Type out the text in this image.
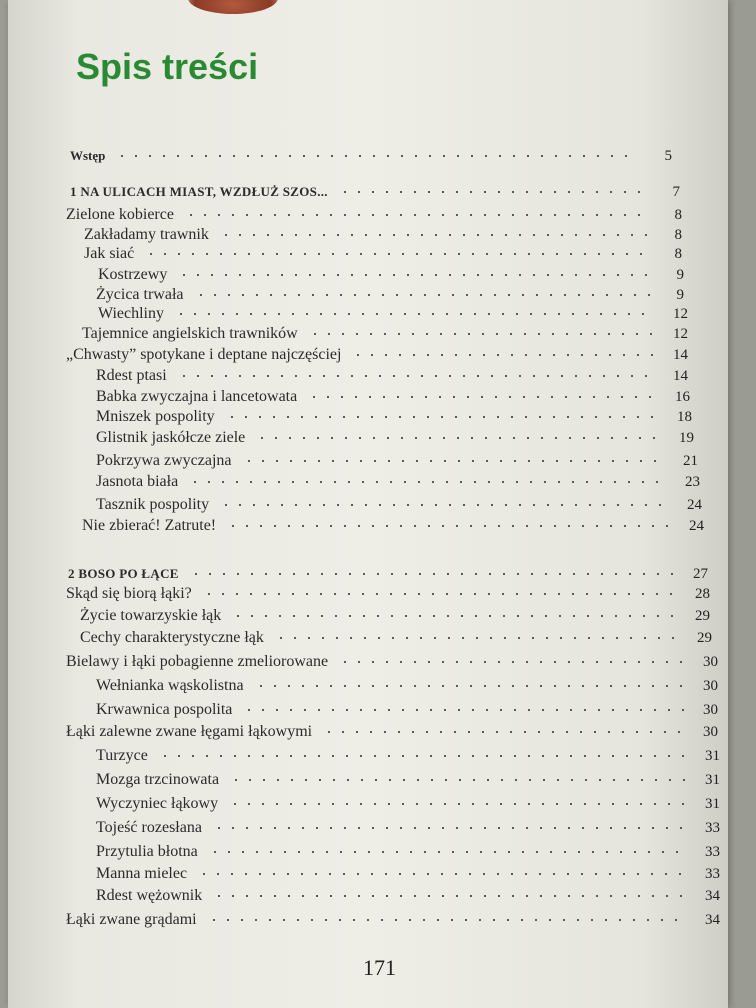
Spis treści
Wstęp	5
1 NA ULICACH MIAST, WZDŁUŻ SZOS...	7
Zielone kobierce	8
Zakładamy trawnik	8
Jak siać	8
Kostrzewy	9
Życica trwała	9
Wiechliny	12
Tajemnice angielskich trawników	12
„Chwasty” spotykane i deptane najczęściej	14
Rdest ptasi	14
Babka zwyczajna i lancetowata	16
Mniszek pospolity	18
Glistnik jaskółcze ziele	19
Pokrzywa zwyczajna	21
Jasnota biała	23
Tasznik pospolity	24
Nie zbierać! Zatrute!	24
2 BOSO PO ŁĄCE	27
Skąd się biorą łąki?	28
Życie towarzyskie łąk	29
Cechy charakterystyczne łąk	29
Bielawy i łąki pobagienne zmeliorowane	30
Wełnianka wąskolistna	30
Krwawnica pospolita	30
Łąki zalewne zwane łęgami łąkowymi	30
Turzyce	31
Mozga trzcinowata	31
Wyczyniec łąkowy	31
Tojeść rozesłana	33
Przytulia błotna	33
Manna mielec	33
Rdest wężownik	34
Łąki zwane grądami	34
171
